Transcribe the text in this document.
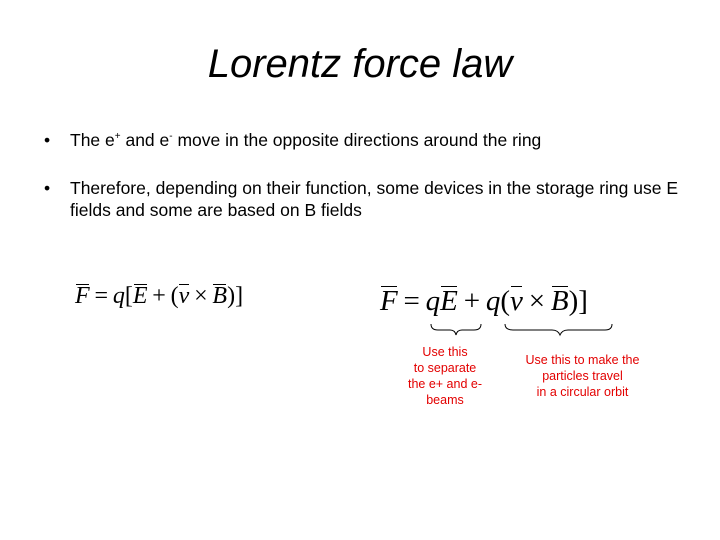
Lorentz force law
• The e+ and e- move in the opposite directions around the ring
• Therefore, depending on their function, some devices in the storage ring use E fields and some are based on B fields
F = q[E + (v × B)]	F = qE + q(v × B)]
Use this
to separate
the e+ and e-
beams
Use this to make the
particles travel
in a circular orbit
